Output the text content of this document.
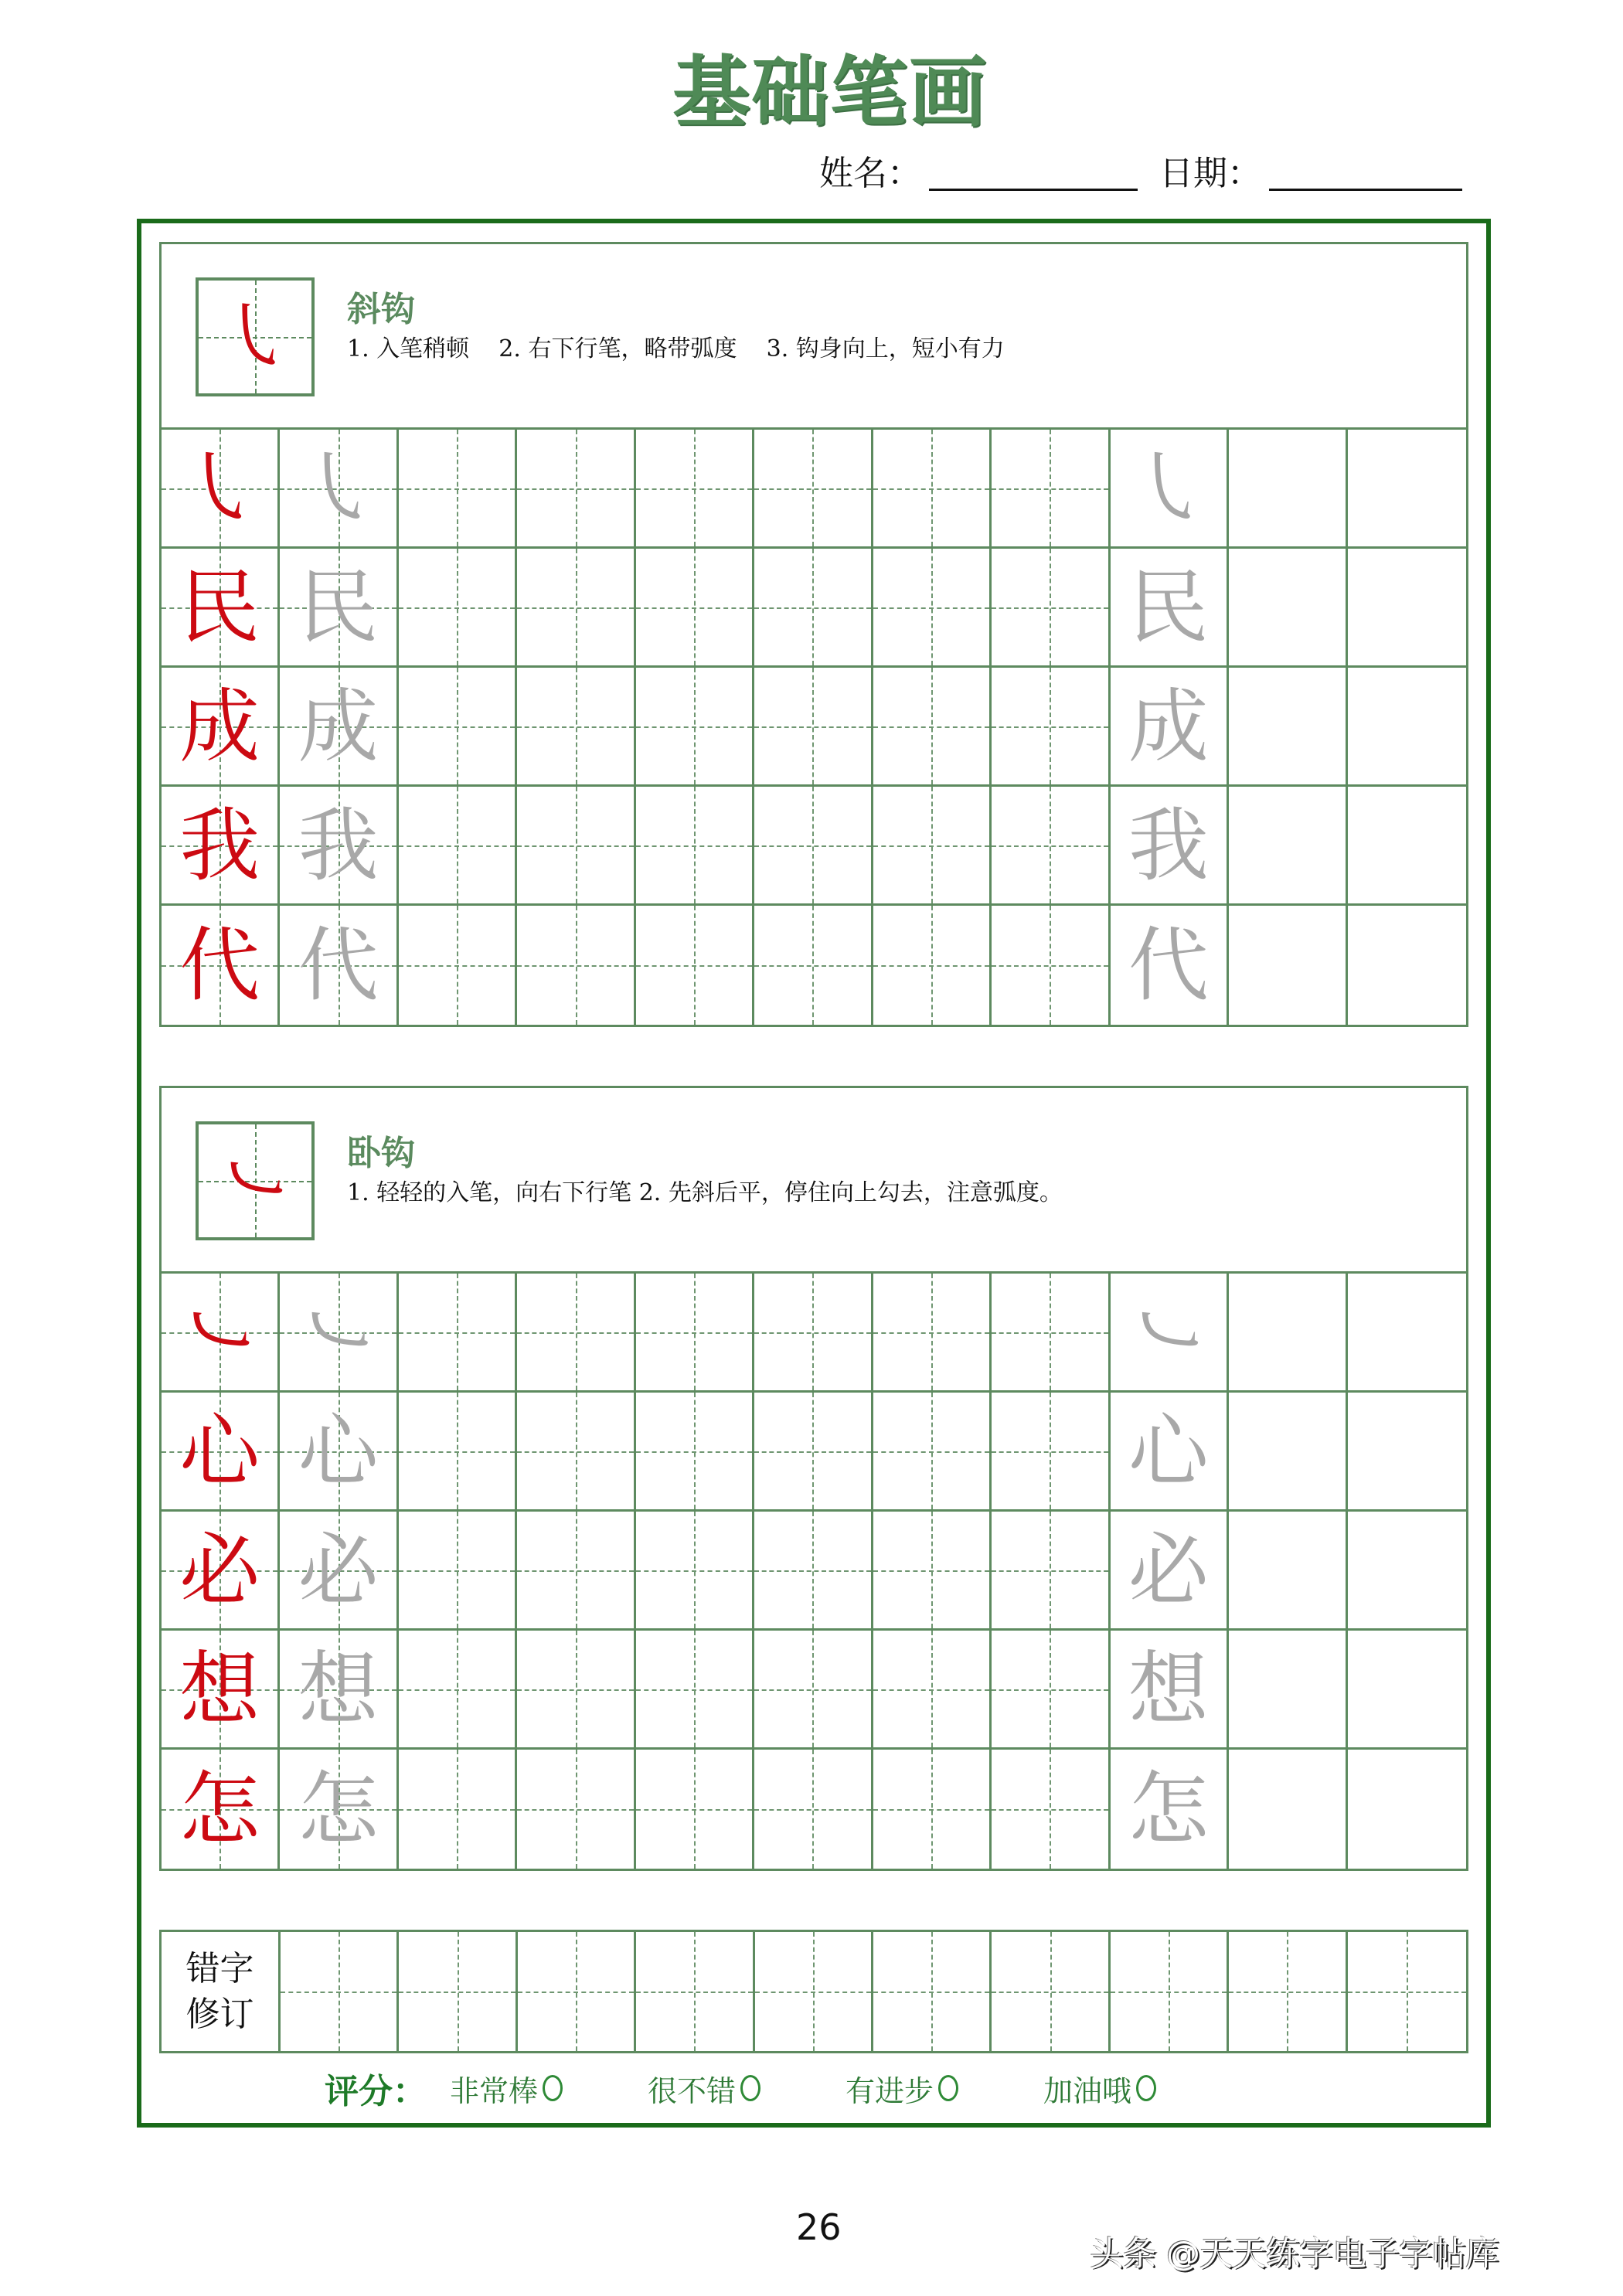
基础笔画
姓名：	日期：
㇂ 斜钩
1. 入笔稍顿    2. 右下行笔，略带弧度    3. 钩身向上，短小有力
㇂ ㇂	㇂
民 民	民
成 成	成
我 我	我
代 代	代
㇃ 卧钩
1. 轻轻的入笔，向右下行笔 2. 先斜后平，停住向上勾去，注意弧度。
㇃ ㇃	㇃
心 心	心
必 必	必
想 想	想
怎 怎	怎
错字
修订
评分： 非常棒	很不错	有进步	加油哦
26
头条 @天天练字电子字帖库
